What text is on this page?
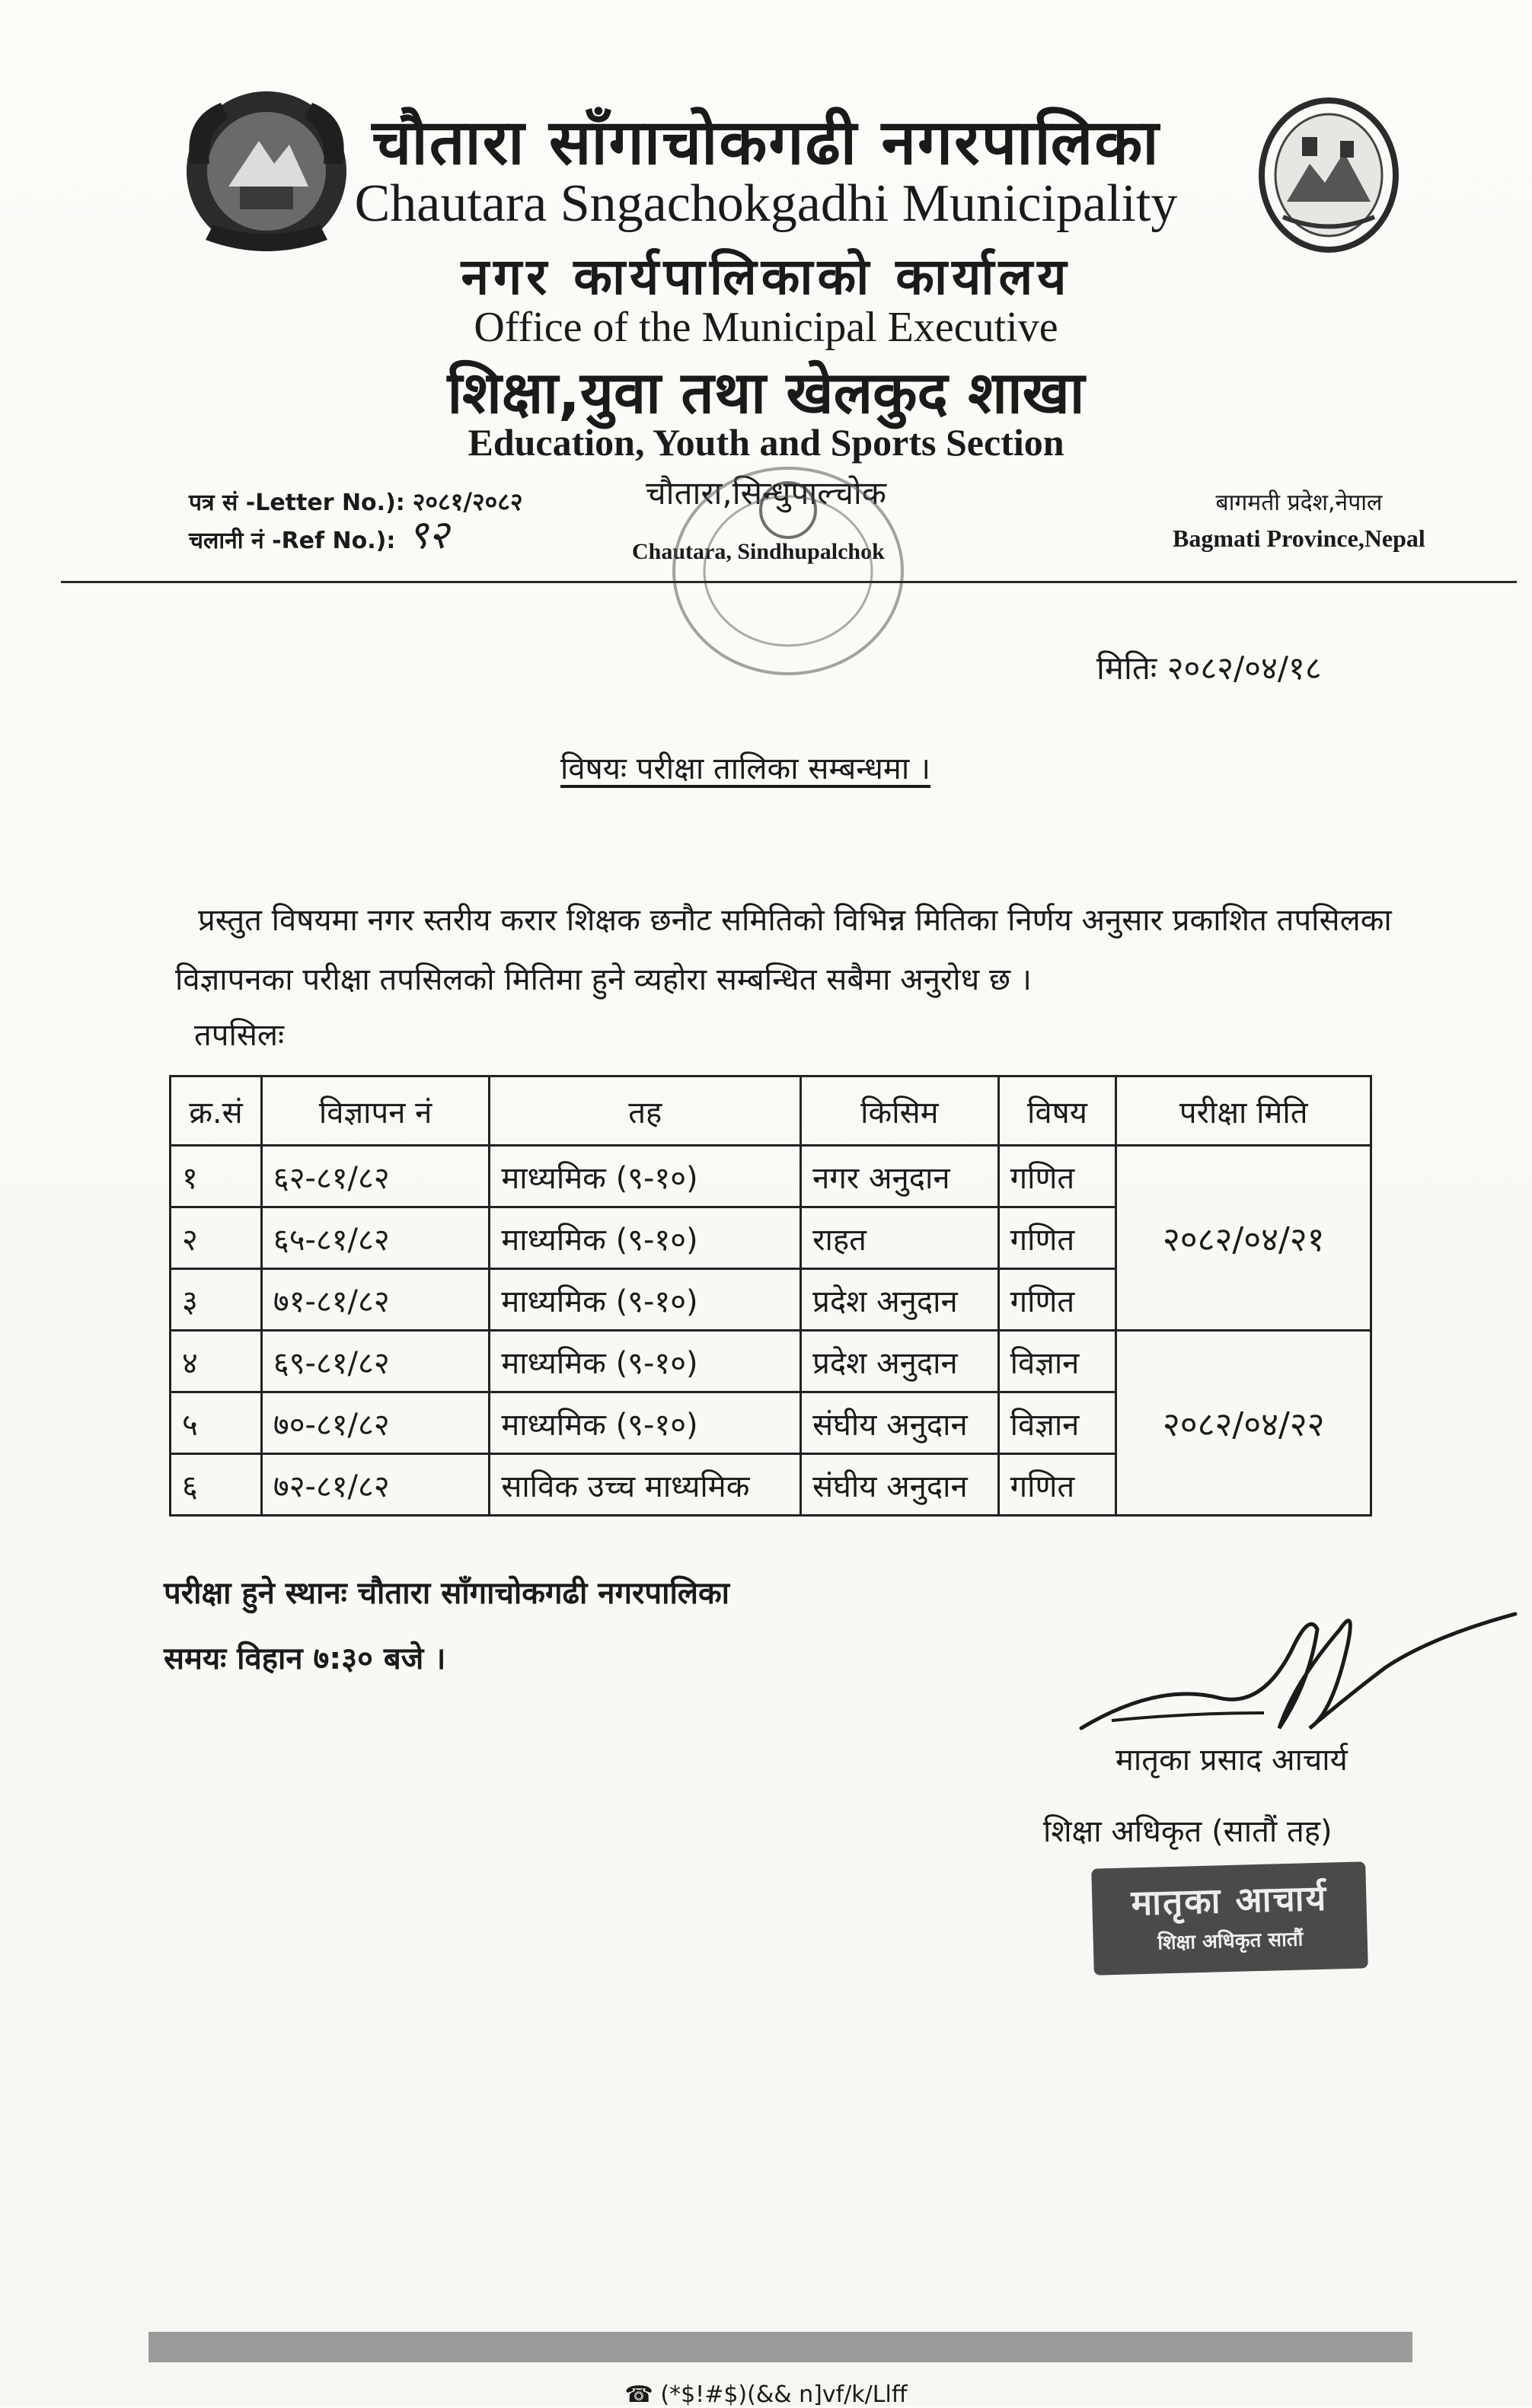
चौतारा साँगाचोकगढी नगरपालिका
Chautara Sngachokgadhi Municipality
नगर कार्यपालिकाको कार्यालय
Office of the Municipal Executive
शिक्षा,युवा तथा खेलकुद शाखा
Education, Youth and Sports Section
चौतारा,सिन्धुपाल्चोक
Chautara, Sindhupalchok
पत्र सं -Letter No.): २०८१/२०८२
चलानी नं -Ref No.): ९२
बागमती प्रदेश,नेपाल
Bagmati Province,Nepal
मितिः २०८२/०४/१८
विषयः परीक्षा तालिका सम्बन्धमा ।
प्रस्तुत विषयमा नगर स्तरीय करार शिक्षक छनौट समितिको विभिन्न मितिका निर्णय अनुसार प्रकाशित तपसिलका विज्ञापनका परीक्षा तपसिलको मितिमा हुने व्यहोरा सम्बन्धित सबैमा अनुरोध छ ।
तपसिलः
क्र.सं	विज्ञापन नं	तह	किसिम	विषय	परीक्षा मिति
१	६२-८१/८२	माध्यमिक (९-१०)	नगर अनुदान	गणित	२०८२/०४/२१
२	६५-८१/८२	माध्यमिक (९-१०)	राहत	गणित	
३	७१-८१/८२	माध्यमिक (९-१०)	प्रदेश अनुदान	गणित	
४	६९-८१/८२	माध्यमिक (९-१०)	प्रदेश अनुदान	विज्ञान	२०८२/०४/२२
५	७०-८१/८२	माध्यमिक (९-१०)	संघीय अनुदान	विज्ञान	
६	७२-८१/८२	साविक उच्च माध्यमिक	संघीय अनुदान	गणित	
परीक्षा हुने स्थानः चौतारा साँगाचोकगढी नगरपालिका
समयः विहान ७:३० बजे ।
मातृका प्रसाद आचार्य
शिक्षा अधिकृत (सातौं तह)
मातृका आचार्य
शिक्षा अधिकृत सातौं
☎ (*$!#$)(&& n]vf/k/Llff
